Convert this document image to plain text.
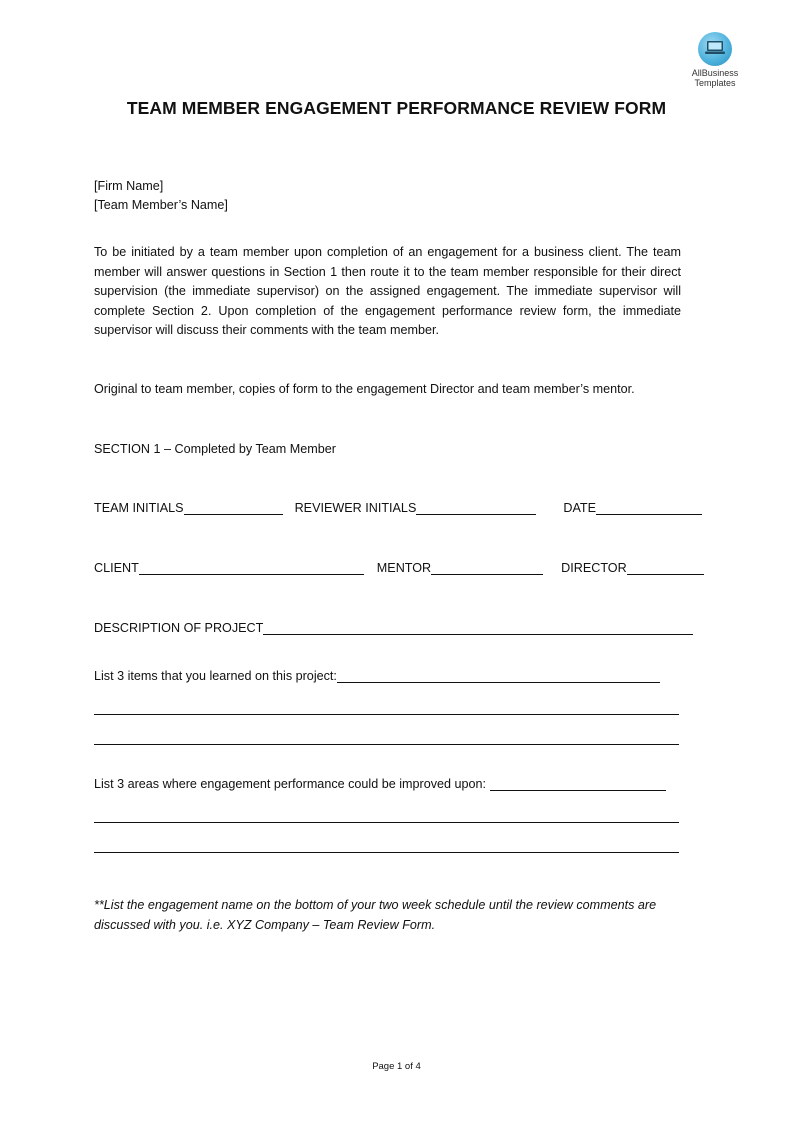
AllBusiness
Templates
TEAM MEMBER ENGAGEMENT PERFORMANCE REVIEW FORM
[Firm Name]
[Team Member’s Name]
To be initiated by a team member upon completion of an engagement for a business client. The team member will answer questions in Section 1 then route it to the team member responsible for their direct supervision (the immediate supervisor) on the assigned engagement. The immediate supervisor will complete Section 2. Upon completion of the engagement performance review form, the immediate supervisor will discuss their comments with the team member.
Original to team member, copies of form to the engagement Director and team member’s mentor.
SECTION 1 – Completed by Team Member
TEAM INITIALS	REVIEWER INITIALS	DATE
CLIENT	MENTOR	DIRECTOR
DESCRIPTION OF PROJECT
List 3 items that you learned on this project:
List 3 areas where engagement performance could be improved upon:
**List the engagement name on the bottom of your two week schedule until the review comments are discussed with you. i.e. XYZ Company – Team Review Form.
Page 1 of 4
